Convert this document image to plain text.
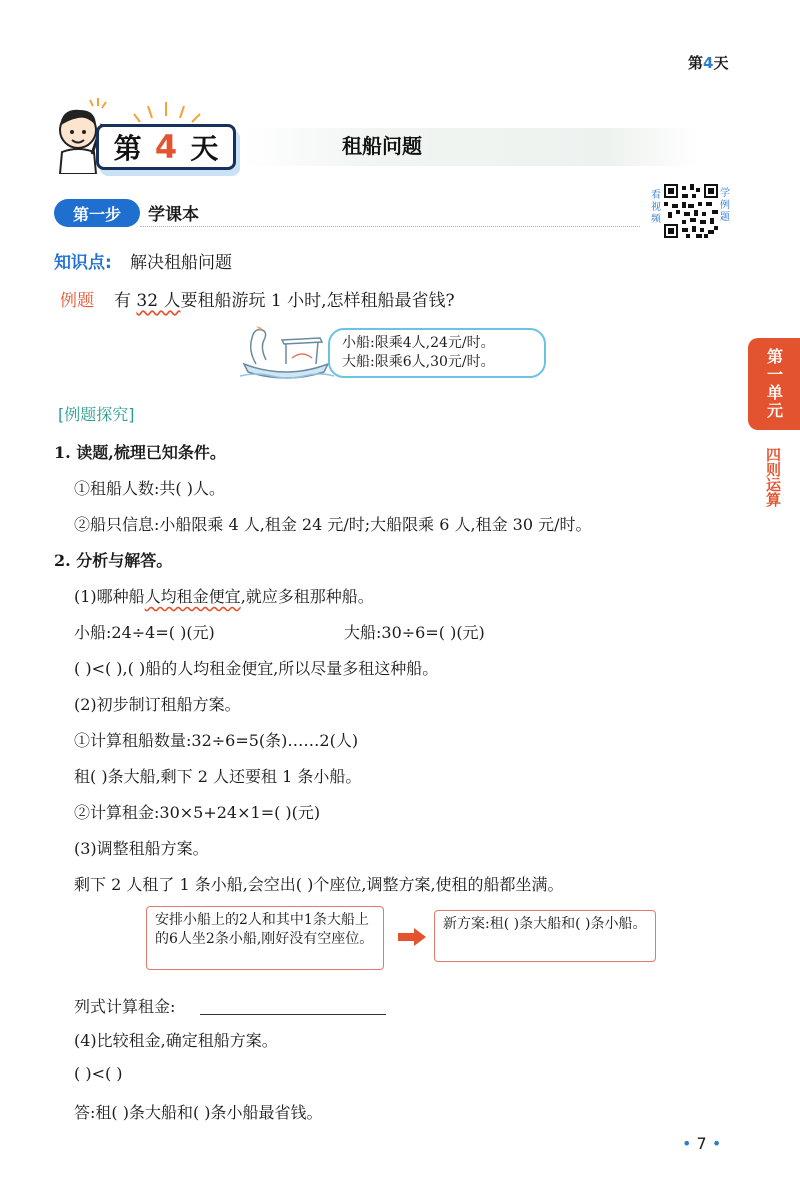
第4天
第 4 天	租船问题
第一步	学课本
看视频
学例题
知识点: 解决租船问题
例题 有 32 人要租船游玩 1 小时,怎样租船最省钱?
小船:限乘4人,24元/时。
大船:限乘6人,30元/时。
[例题探究]
1. 读题,梳理已知条件。
①租船人数:共( )人。
②船只信息:小船限乘 4 人,租金 24 元/时;大船限乘 6 人,租金 30 元/时。
2. 分析与解答。
(1)哪种船人均租金便宜,就应多租那种船。
小船:24÷4=( )(元)	大船:30÷6=( )(元)
( )<( ),( )船的人均租金便宜,所以尽量多租这种船。
(2)初步制订租船方案。
①计算租船数量:32÷6=5(条)……2(人)
租( )条大船,剩下 2 人还要租 1 条小船。
②计算租金:30×5+24×1=( )(元)
(3)调整租船方案。
剩下 2 人租了 1 条小船,会空出( )个座位,调整方案,使租的船都坐满。
安排小船上的2人和其中1条大船上的6人坐2条小船,刚好没有空座位。
新方案:租( )条大船和( )条小船。
列式计算租金:
(4)比较租金,确定租船方案。
( )<( )
答:租( )条大船和( )条小船最省钱。
第一单元
四则运算
• 7 •
